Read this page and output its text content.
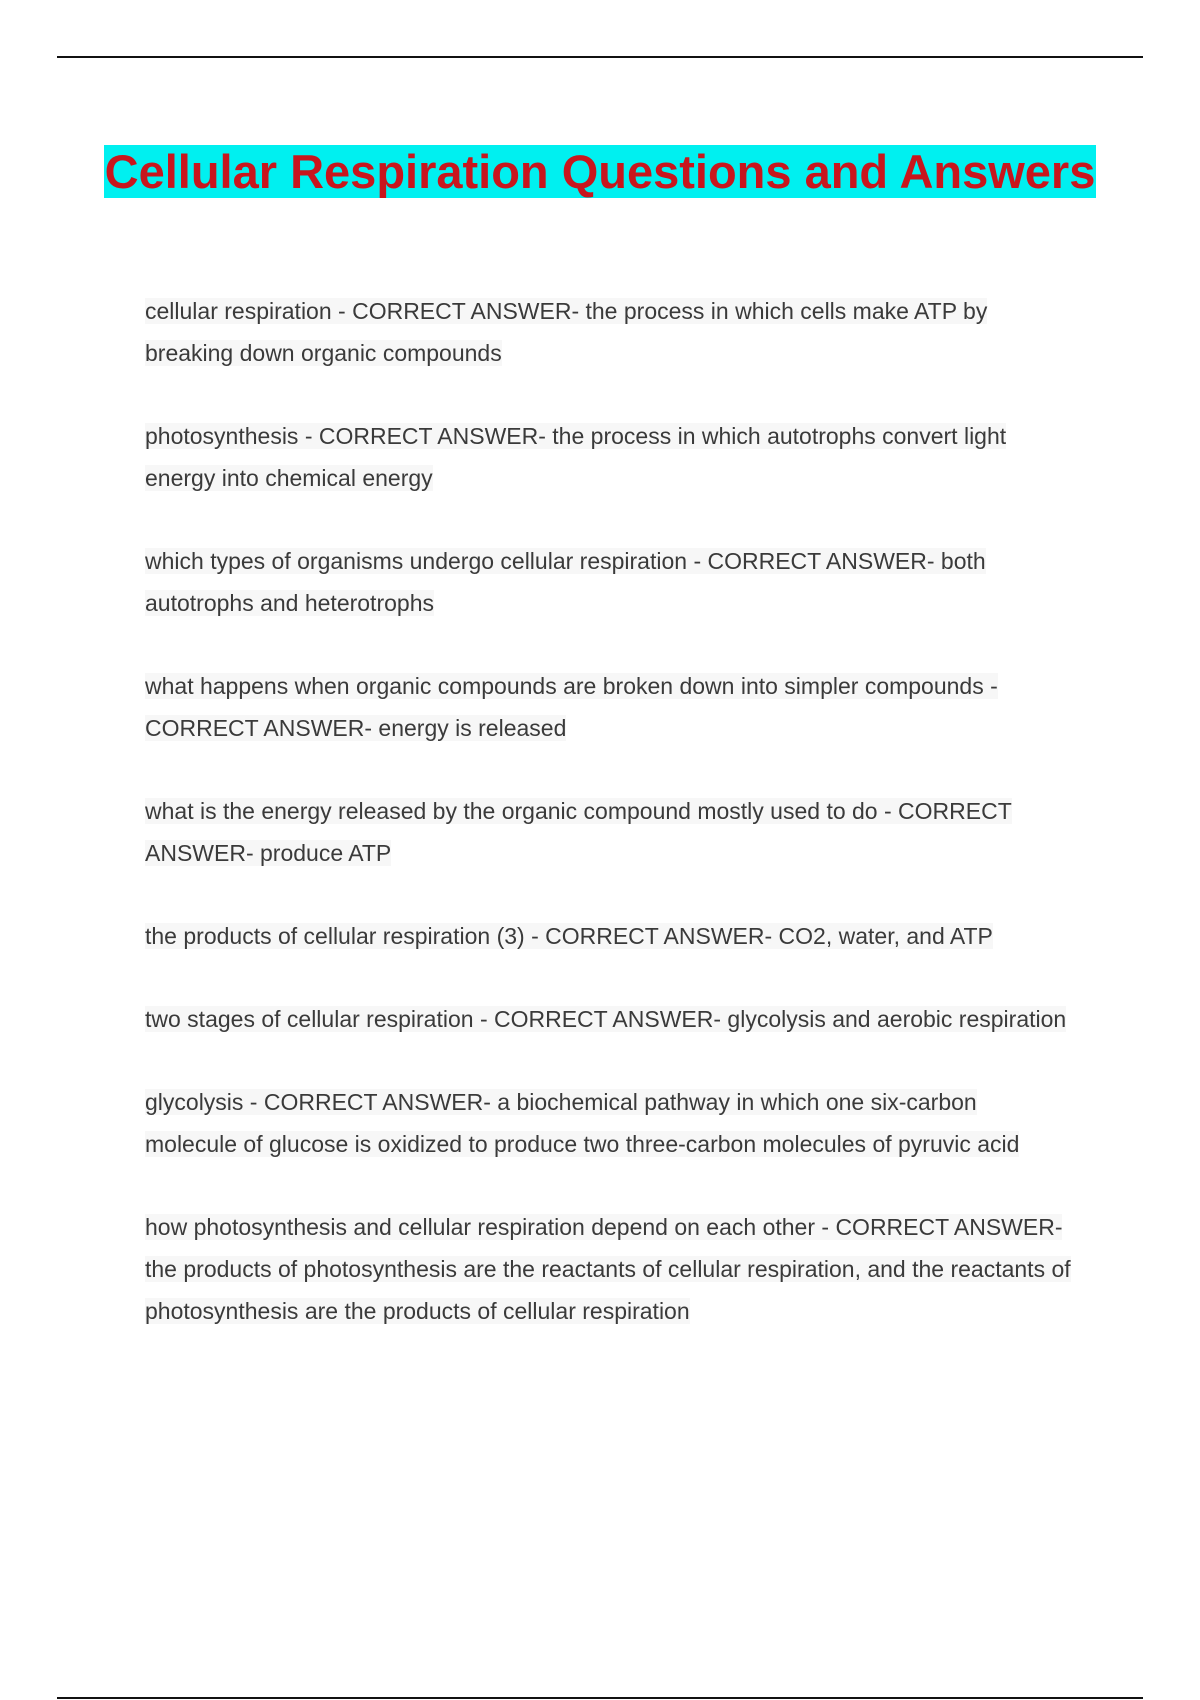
Cellular Respiration Questions and Answers

cellular respiration - CORRECT ANSWER- the process in which cells make ATP by breaking down organic compounds

photosynthesis - CORRECT ANSWER- the process in which autotrophs convert light energy into chemical energy

which types of organisms undergo cellular respiration - CORRECT ANSWER- both autotrophs and heterotrophs

what happens when organic compounds are broken down into simpler compounds - CORRECT ANSWER- energy is released

what is the energy released by the organic compound mostly used to do - CORRECT ANSWER- produce ATP

the products of cellular respiration (3) - CORRECT ANSWER- CO2, water, and ATP

two stages of cellular respiration - CORRECT ANSWER- glycolysis and aerobic respiration

glycolysis - CORRECT ANSWER- a biochemical pathway in which one six-carbon molecule of glucose is oxidized to produce two three-carbon molecules of pyruvic acid

how photosynthesis and cellular respiration depend on each other - CORRECT ANSWER- the products of photosynthesis are the reactants of cellular respiration, and the reactants of photosynthesis are the products of cellular respiration
